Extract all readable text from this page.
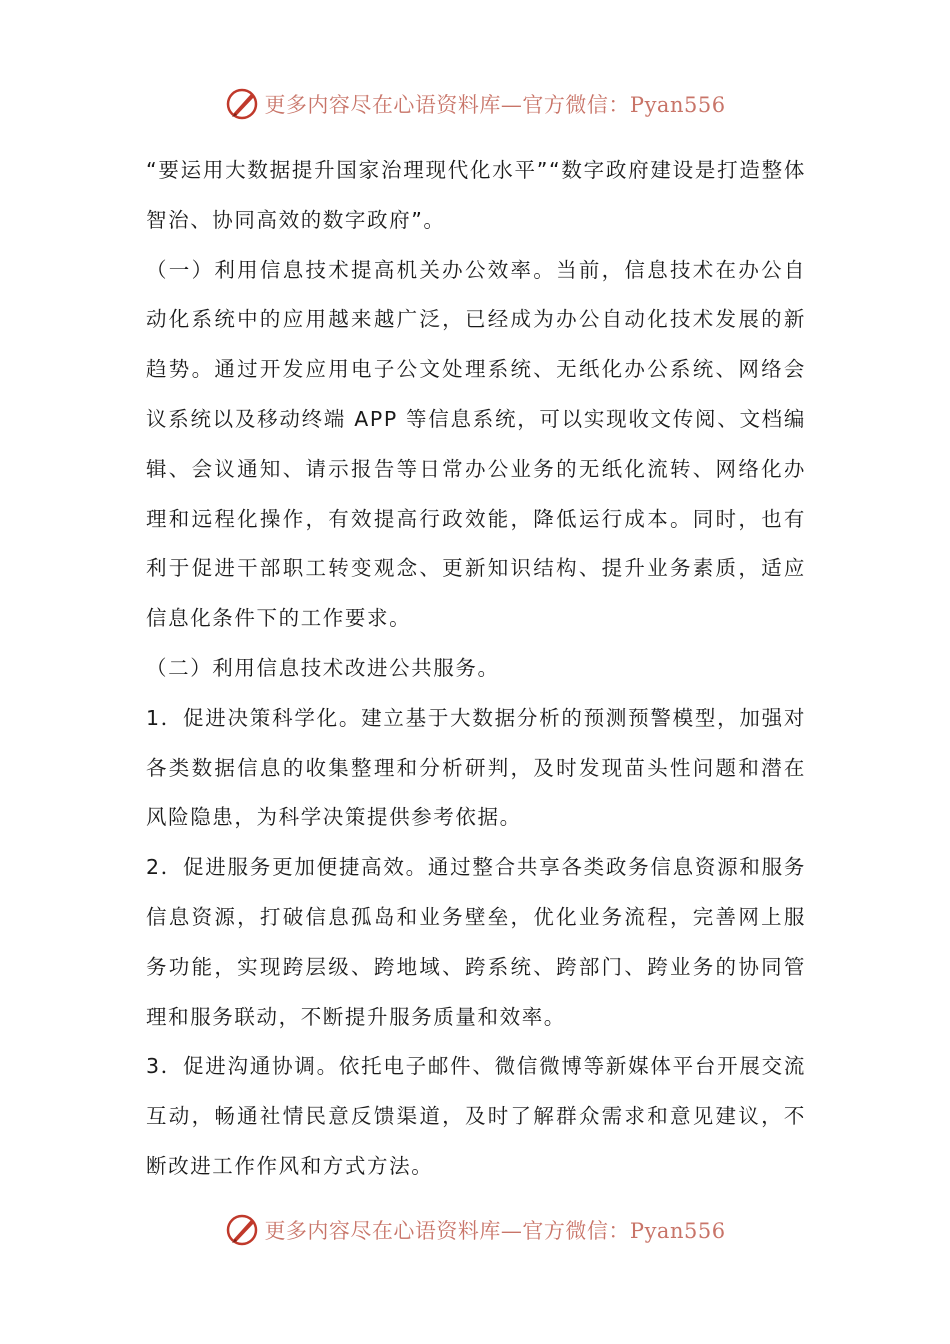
更多内容尽在心语资料库—官方微信：Pyan556

“要运用大数据提升国家治理现代化水平”“数字政府建设是打造整体智治、协同高效的数字政府”。

（一）利用信息技术提高机关办公效率。当前，信息技术在办公自动化系统中的应用越来越广泛，已经成为办公自动化技术发展的新趋势。通过开发应用电子公文处理系统、无纸化办公系统、网络会议系统以及移动终端 APP 等信息系统，可以实现收文传阅、文档编辑、会议通知、请示报告等日常办公业务的无纸化流转、网络化办理和远程化操作，有效提高行政效能，降低运行成本。同时，也有利于促进干部职工转变观念、更新知识结构、提升业务素质，适应信息化条件下的工作要求。

（二）利用信息技术改进公共服务。

1．促进决策科学化。建立基于大数据分析的预测预警模型，加强对各类数据信息的收集整理和分析研判，及时发现苗头性问题和潜在风险隐患，为科学决策提供参考依据。

2．促进服务更加便捷高效。通过整合共享各类政务信息资源和服务信息资源，打破信息孤岛和业务壁垒，优化业务流程，完善网上服务功能，实现跨层级、跨地域、跨系统、跨部门、跨业务的协同管理和服务联动，不断提升服务质量和效率。

3．促进沟通协调。依托电子邮件、微信微博等新媒体平台开展交流互动，畅通社情民意反馈渠道，及时了解群众需求和意见建议，不断改进工作作风和方式方法。

更多内容尽在心语资料库—官方微信：Pyan556
